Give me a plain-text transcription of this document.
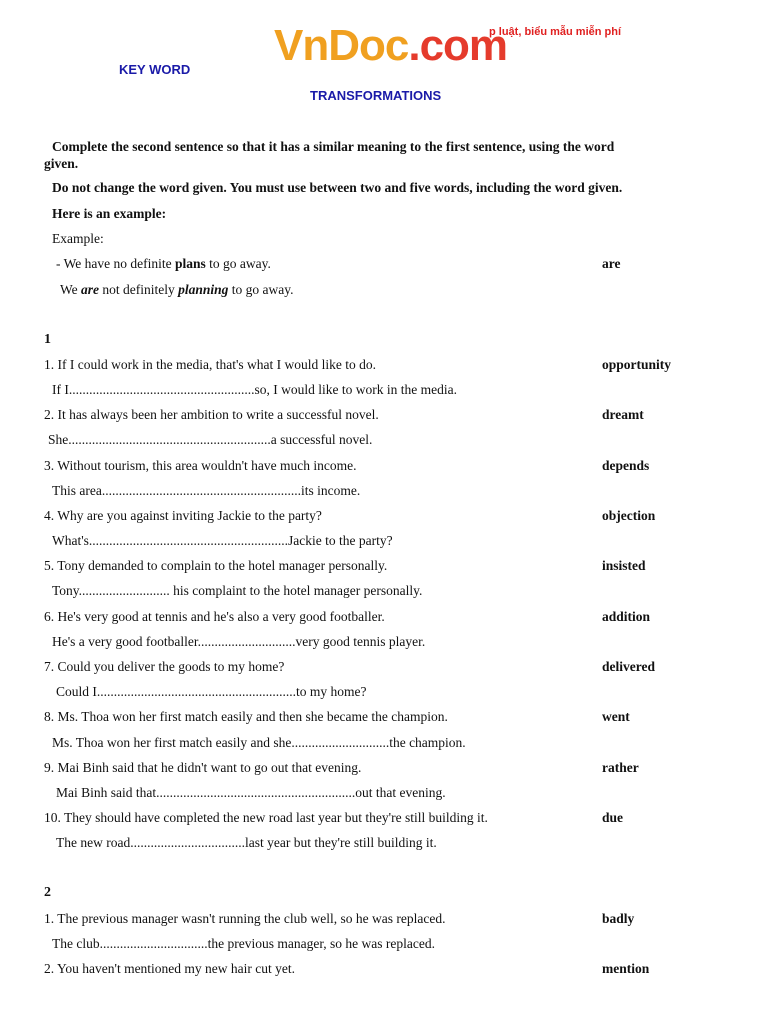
VnDoc.com
p luật, biểu mẫu miễn phí
KEY WORD
TRANSFORMATIONS
Complete the second sentence so that it has a similar meaning to the first sentence, using the word
given.
Do not change the word given. You must use between two and five words, including the word given.
Here is an example:
Example:
- We have no definite plans to go away.	are
We are not definitely planning to go away.
1
1. If I could work in the media, that's what I would like to do.	opportunity
If I.......................................................so, I would like to work in the media.
2. It has always been her ambition to write a successful novel.	dreamt
She............................................................a successful novel.
3. Without tourism, this area wouldn't have much income.	depends
This area...........................................................its income.
4. Why are you against inviting Jackie to the party?	objection
What's...........................................................Jackie to the party?
5. Tony demanded to complain to the hotel manager personally.	insisted
Tony........................... his complaint to the hotel manager personally.
6. He's very good at tennis and he's also a very good footballer.	addition
He's a very good footballer.............................very good tennis player.
7. Could you deliver the goods to my home?	delivered
Could I...........................................................to my home?
8. Ms. Thoa won her first match easily and then she became the champion.	went
Ms. Thoa won her first match easily and she.............................the champion.
9. Mai Binh said that he didn't want to go out that evening.	rather
Mai Binh said that...........................................................out that evening.
10. They should have completed the new road last year but they're still building it.	due
The new road..................................last year but they're still building it.
2
1. The previous manager wasn't running the club well, so he was replaced.	badly
The club................................the previous manager, so he was replaced.
2. You haven't mentioned my new hair cut yet.	mention
